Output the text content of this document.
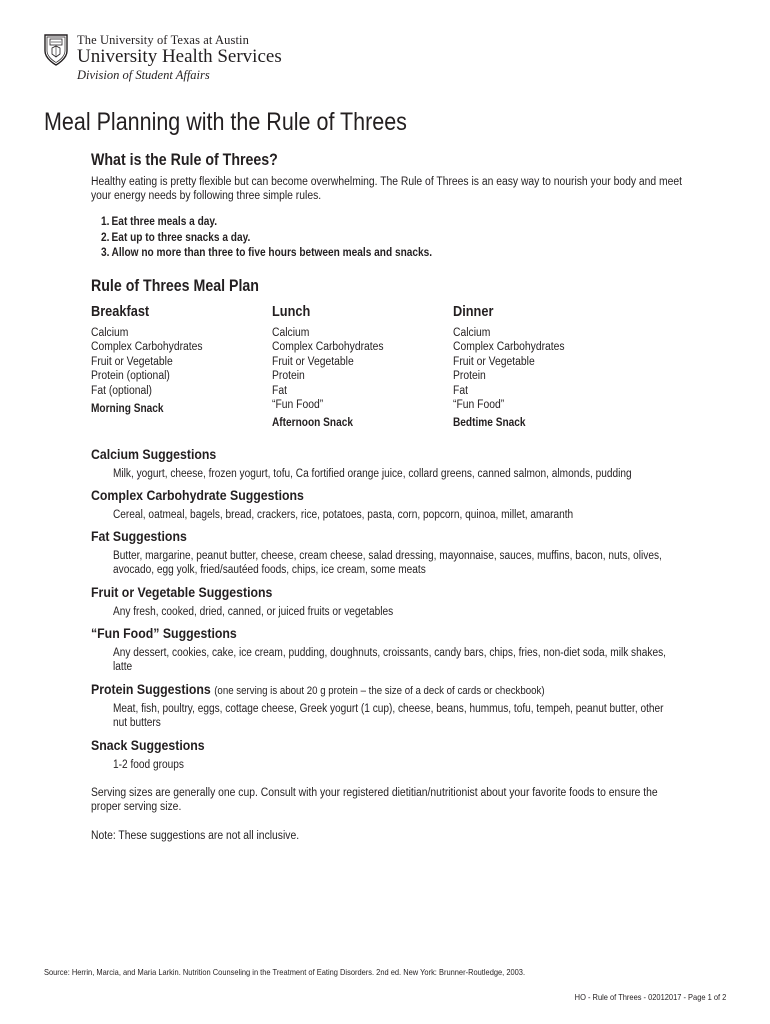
The University of Texas at Austin
University Health Services
Division of Student Affairs
Meal Planning with the Rule of Threes
What is the Rule of Threes?
Healthy eating is pretty flexible but can become overwhelming. The Rule of Threes is an easy way to nourish your body and meet your energy needs by following three simple rules.
1. Eat three meals a day.
2. Eat up to three snacks a day.
3. Allow no more than three to five hours between meals and snacks.
Rule of Threes Meal Plan
Breakfast
Calcium
Complex Carbohydrates
Fruit or Vegetable
Protein (optional)
Fat (optional)
Morning Snack
Lunch
Calcium
Complex Carbohydrates
Fruit or Vegetable
Protein
Fat
“Fun Food”
Afternoon Snack
Dinner
Calcium
Complex Carbohydrates
Fruit or Vegetable
Protein
Fat
“Fun Food”
Bedtime Snack
Calcium Suggestions
Milk, yogurt, cheese, frozen yogurt, tofu, Ca fortified orange juice, collard greens, canned salmon, almonds, pudding
Complex Carbohydrate Suggestions
Cereal, oatmeal, bagels, bread, crackers, rice, potatoes, pasta, corn, popcorn, quinoa, millet, amaranth
Fat Suggestions
Butter, margarine, peanut butter, cheese, cream cheese, salad dressing, mayonnaise, sauces, muffins, bacon, nuts, olives, avocado, egg yolk, fried/sautéed foods, chips, ice cream, some meats
Fruit or Vegetable Suggestions
Any fresh, cooked, dried, canned, or juiced fruits or vegetables
“Fun Food” Suggestions
Any dessert, cookies, cake, ice cream, pudding, doughnuts, croissants, candy bars, chips, fries, non-diet soda, milk shakes, latte
Protein Suggestions (one serving is about 20 g protein – the size of a deck of cards or checkbook)
Meat, fish, poultry, eggs, cottage cheese, Greek yogurt (1 cup), cheese, beans, hummus, tofu, tempeh, peanut butter, other nut butters
Snack Suggestions
1-2 food groups
Serving sizes are generally one cup. Consult with your registered dietitian/nutritionist about your favorite foods to ensure the proper serving size.
Note: These suggestions are not all inclusive.
Source: Herrin, Marcia, and Maria Larkin. Nutrition Counseling in the Treatment of Eating Disorders. 2nd ed. New York: Brunner-Routledge, 2003.
HO - Rule of Threes - 02012017 - Page 1 of 2
